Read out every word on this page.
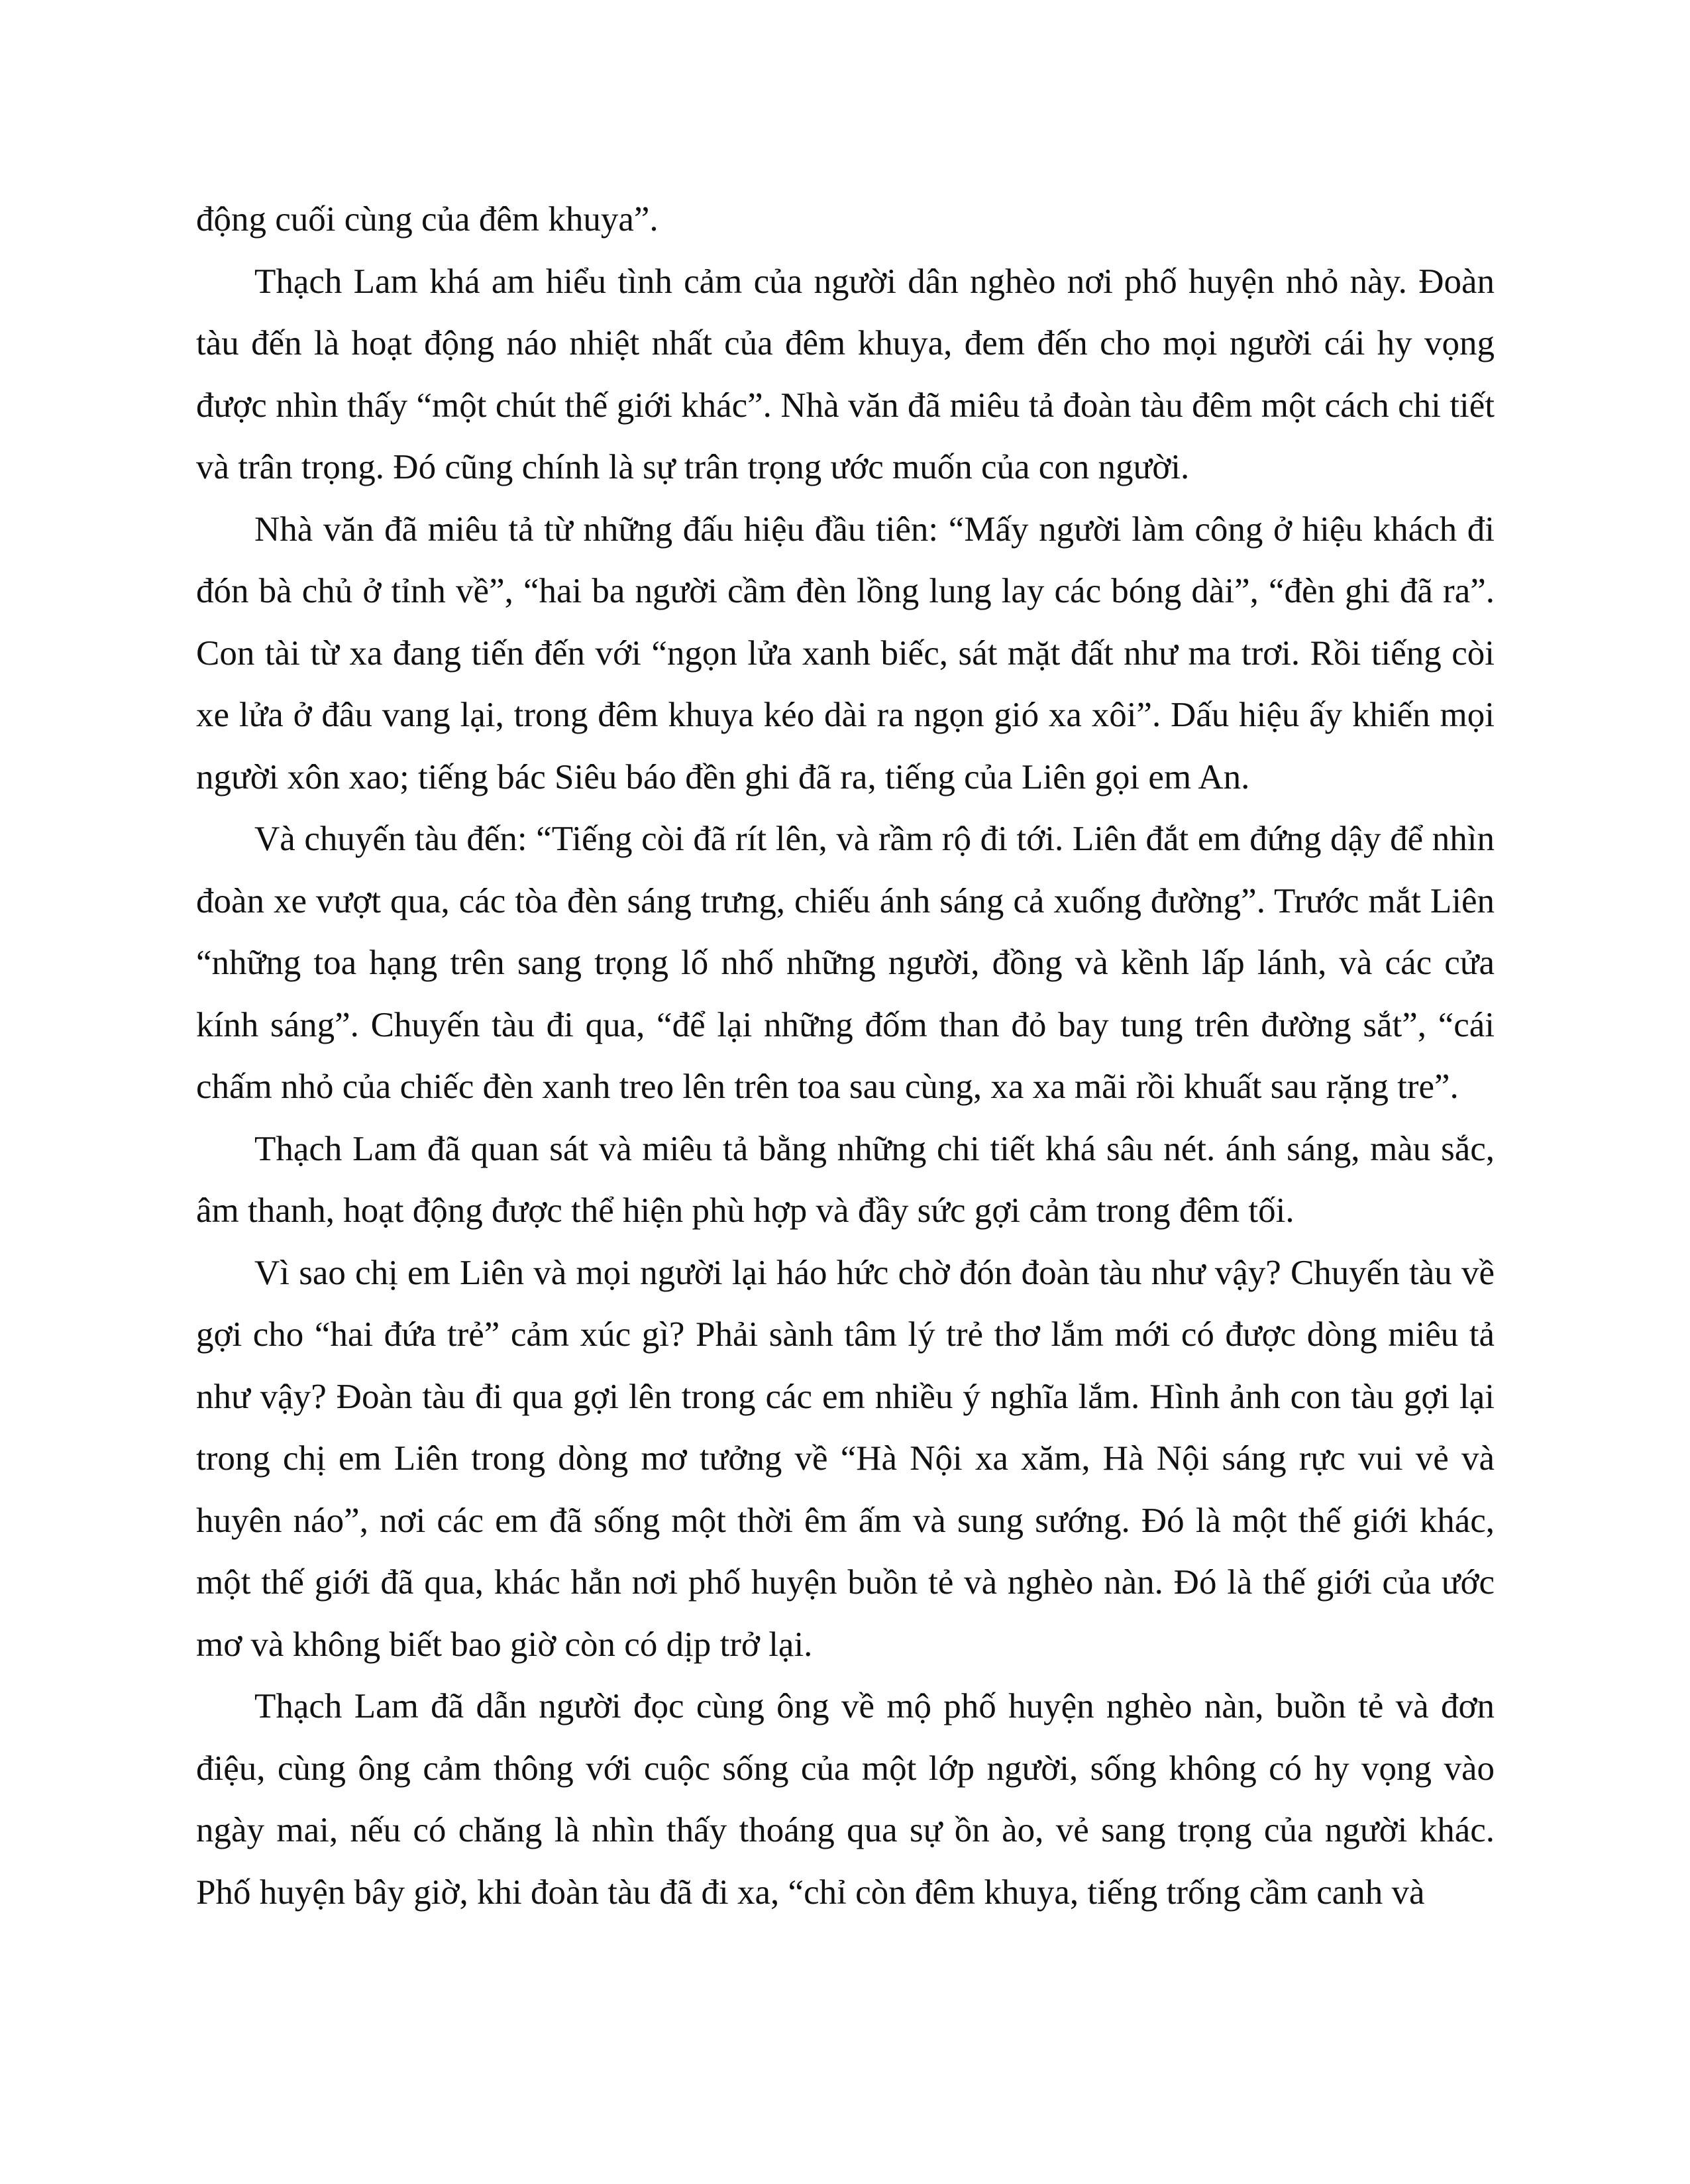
động cuối cùng của đêm khuya”.

Thạch Lam khá am hiểu tình cảm của người dân nghèo nơi phố huyện nhỏ này. Đoàn tàu đến là hoạt động náo nhiệt nhất của đêm khuya, đem đến cho mọi người cái hy vọng được nhìn thấy “một chút thế giới khác”. Nhà văn đã miêu tả đoàn tàu đêm một cách chi tiết và trân trọng. Đó cũng chính là sự trân trọng ước muốn của con người.

Nhà văn đã miêu tả từ những đấu hiệu đầu tiên: “Mấy người làm công ở hiệu khách đi đón bà chủ ở tỉnh về”, “hai ba người cầm đèn lồng lung lay các bóng dài”, “đèn ghi đã ra”. Con tài từ xa đang tiến đến với “ngọn lửa xanh biếc, sát mặt đất như ma trơi. Rồi tiếng còi xe lửa ở đâu vang lại, trong đêm khuya kéo dài ra ngọn gió xa xôi”. Dấu hiệu ấy khiến mọi người xôn xao; tiếng bác Siêu báo đền ghi đã ra, tiếng của Liên gọi em An.

Và chuyến tàu đến: “Tiếng còi đã rít lên, và rầm rộ đi tới. Liên đắt em đứng dậy để nhìn đoàn xe vượt qua, các tòa đèn sáng trưng, chiếu ánh sáng cả xuống đường”. Trước mắt Liên “những toa hạng trên sang trọng lố nhố những người, đồng và kềnh lấp lánh, và các cửa kính sáng”. Chuyến tàu đi qua, “để lại những đốm than đỏ bay tung trên đường sắt”, “cái chấm nhỏ của chiếc đèn xanh treo lên trên toa sau cùng, xa xa mãi rồi khuất sau rặng tre”.

Thạch Lam đã quan sát và miêu tả bằng những chi tiết khá sâu nét. ánh sáng, màu sắc, âm thanh, hoạt động được thể hiện phù hợp và đầy sức gợi cảm trong đêm tối.

Vì sao chị em Liên và mọi người lại háo hức chờ đón đoàn tàu như vậy? Chuyến tàu về gợi cho “hai đứa trẻ” cảm xúc gì? Phải sành tâm lý trẻ thơ lắm mới có được dòng miêu tả như vậy? Đoàn tàu đi qua gợi lên trong các em nhiều ý nghĩa lắm. Hình ảnh con tàu gợi lại trong chị em Liên trong dòng mơ tưởng về “Hà Nội xa xăm, Hà Nội sáng rực vui vẻ và huyên náo”, nơi các em đã sống một thời êm ấm và sung sướng. Đó là một thế giới khác, một thế giới đã qua, khác hẳn nơi phố huyện buồn tẻ và nghèo nàn. Đó là thế giới của ước mơ và không biết bao giờ còn có dịp trở lại.

Thạch Lam đã dẫn người đọc cùng ông về mộ phố huyện nghèo nàn, buồn tẻ và đơn điệu, cùng ông cảm thông với cuộc sống của một lớp người, sống không có hy vọng vào ngày mai, nếu có chăng là nhìn thấy thoáng qua sự ồn ào, vẻ sang trọng của người khác. Phố huyện bây giờ, khi đoàn tàu đã đi xa, “chỉ còn đêm khuya, tiếng trống cầm canh và
